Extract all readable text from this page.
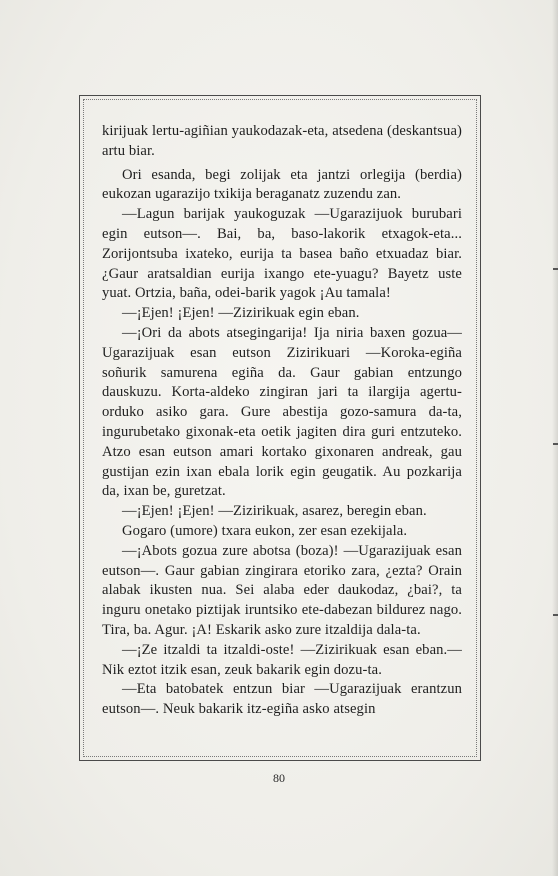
kirijuak lertu-agiñian yaukodazak-eta, atsedena (deskantsua) artu biar.

Ori esanda, begi zolijak eta jantzi orlegija (berdia) eukozan ugarazijo txikija beraganatz zuzendu zan.

—Lagun barijak yaukoguzak —Ugarazijuok burubari egin eutson—. Bai, ba, baso-lakorik etxagok-eta... Zorijontsuba ixateko, eurija ta basea baño etxuadaz biar. ¿Gaur aratsaldian eurija ixango ete-yuagu? Bayetz uste yuat. Ortzia, baña, odei-barik yagok ¡Au tamala!

—¡Ejen! ¡Ejen! —Zizirikuak egin eban.

—¡Ori da abots atsegingarija! Ija niria baxen gozua—Ugarazijuak esan eutson Zizirikuari —Koroka-egiña soñurik samurena egiña da. Gaur gabian entzungo dauskuzu. Korta-aldeko zingiran jari ta ilargija agertu-orduko asiko gara. Gure abestija gozo-samura da-ta, ingurubetako gixonak-eta oetik jagiten dira guri entzuteko. Atzo esan eutson amari kortako gixonaren andreak, gau gustijan ezin ixan ebala lorik egin geugatik. Au pozkarija da, ixan be, guretzat.

—¡Ejen! ¡Ejen! —Zizirikuak, asarez, beregin eban.

Gogaro (umore) txara eukon, zer esan ezekijala.

—¡Abots gozua zure abotsa (boza)! —Ugarazijuak esan eutson—. Gaur gabian zingirara etoriko zara, ¿ezta? Orain alabak ikusten nua. Sei alaba eder daukodaz, ¿bai?, ta inguru onetako piztijak iruntsiko ete-dabezan bildurez nago. Tira, ba. Agur. ¡A! Eskarik asko zure itzaldija dala-ta.

—¡Ze itzaldi ta itzaldi-oste! —Zizirikuak esan eban.— Nik eztot itzik esan, zeuk bakarik egin dozu-ta.

—Eta batobatek entzun biar —Ugarazijuak erantzun eutson—. Neuk bakarik itz-egiña asko atsegin

80
